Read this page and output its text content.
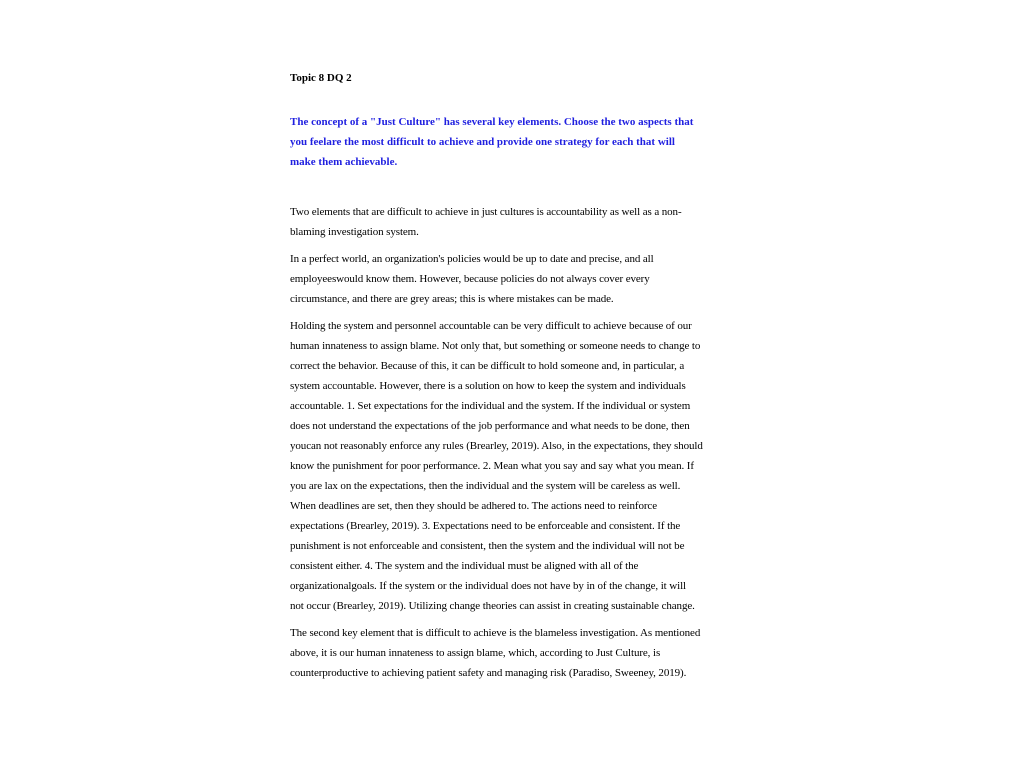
Topic 8 DQ 2

The concept of a "Just Culture" has several key elements. Choose the two aspects that
you feelare the most difficult to achieve and provide one strategy for each that will
make them achievable.

Two elements that are difficult to achieve in just cultures is accountability as well as a non-
blaming investigation system.

In a perfect world, an organization's policies would be up to date and precise, and all
employeeswould know them. However, because policies do not always cover every
circumstance, and there are grey areas; this is where mistakes can be made.

Holding the system and personnel accountable can be very difficult to achieve because of our
human innateness to assign blame. Not only that, but something or someone needs to change to
correct the behavior. Because of this, it can be difficult to hold someone and, in particular, a
system accountable. However, there is a solution on how to keep the system and individuals
accountable. 1. Set expectations for the individual and the system. If the individual or system
does not understand the expectations of the job performance and what needs to be done, then
youcan not reasonably enforce any rules (Brearley, 2019). Also, in the expectations, they should
know the punishment for poor performance. 2. Mean what you say and say what you mean. If
you are lax on the expectations, then the individual and the system will be careless as well.
When deadlines are set, then they should be adhered to. The actions need to reinforce
expectations (Brearley, 2019). 3. Expectations need to be enforceable and consistent. If the
punishment is not enforceable and consistent, then the system and the individual will not be
consistent either. 4. The system and the individual must be aligned with all of the
organizationalgoals. If the system or the individual does not have by in of the change, it will
not occur (Brearley, 2019). Utilizing change theories can assist in creating sustainable change.

The second key element that is difficult to achieve is the blameless investigation. As mentioned
above, it is our human innateness to assign blame, which, according to Just Culture, is
counterproductive to achieving patient safety and managing risk (Paradiso, Sweeney, 2019).
